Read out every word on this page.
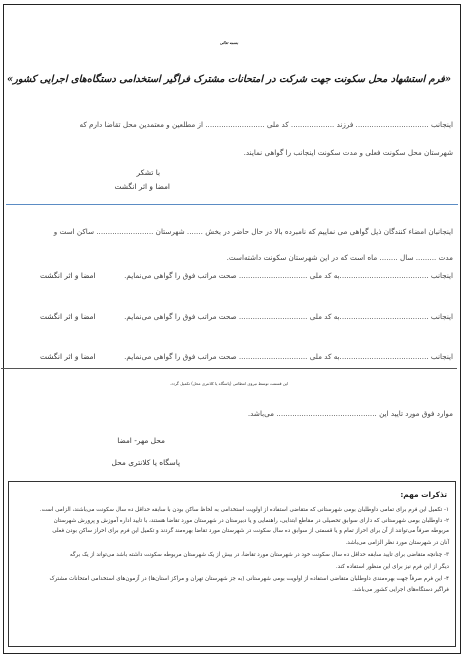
بسمه تعالی
«فرم استشهاد محل سکونت جهت شرکت در امتحانات مشترک فراگیر استخدامی دستگاه‌های اجرایی کشور»
اینجانب ................................ فرزند ................... کد ملی .......................... از مطلعین و معتمدین محل تقاضا دارم که
شهرستان محل سکونت فعلی و مدت سکونت اینجانب را گواهی نمایند.
با تشکر
امضا و اثر انگشت
اینجانبان امضاء کنندگان ذیل گواهی می نماییم که نامبرده بالا در حال حاضر در بخش ....... شهرستان ......................... ساکن است و
مدت ......... سال ........ ماه است که در این شهرستان سکونت داشته‌است.
اینجانب .......................................به کد ملی .............................. صحت مراتب فوق را گواهی می‌نمایم.
امضا و اثر انگشت
اینجانب .......................................به کد ملی .............................. صحت مراتب فوق را گواهی می‌نمایم.
امضا و اثر انگشت
اینجانب .......................................به کد ملی .............................. صحت مراتب فوق را گواهی می‌نمایم.
امضا و اثر انگشت
این قسمت توسط نیروی انتظامی (پاسگاه یا کلانتری محل) تکمیل گردد.
موارد فوق مورد تایید این ............................................ می‌باشد.
محل مهر- امضا
پاسگاه یا کلانتری محل
تذکرات مهم:
۱- تکمیل این فرم برای تمامی داوطلبان بومی شهرستانی که متقاضی استفاده از اولویت استخدامی به لحاظ ساکن بودن با سابقه حداقل ده سال سکونت می‌باشند، الزامی است.
۲- داوطلبان بومی شهرستانی که دارای سوابق تحصیلی در مقاطع ابتدایی، راهنمایی و یا دبیرستان در شهرستان مورد تقاضا هستند، با تایید اداره آموزش و پرورش شهرستان
مربوطه صرفاً می‌توانند از آن برای احراز تمام و یا قسمتی از سوابق ده سال سکونت در شهرستان مورد تقاضا بهره‌مند گردند و تکمیل این فرم برای احراز ساکن بودن فعلی
آنان در شهرستان مورد نظر الزامی می‌باشد.
۳- چنانچه متقاضی برای تایید سابقه حداقل ده سال سکونت خود در شهرستان مورد تقاضا، در بیش از یک شهرستان مربوطه سکونت داشته باشد می‌تواند از یک برگه
دیگر از این فرم نیز برای این منظور استفاده کند.
۴- این فرم صرفاً جهت بهره‌مندی داوطلبان متقاضی استفاده از اولویت بومی شهرستانی (به جز شهرستان تهران و مراکز استان‌ها) در آزمون‌های استخدامی امتحانات مشترک
فراگیر دستگاه‌های اجرایی کشور می‌باشد.
